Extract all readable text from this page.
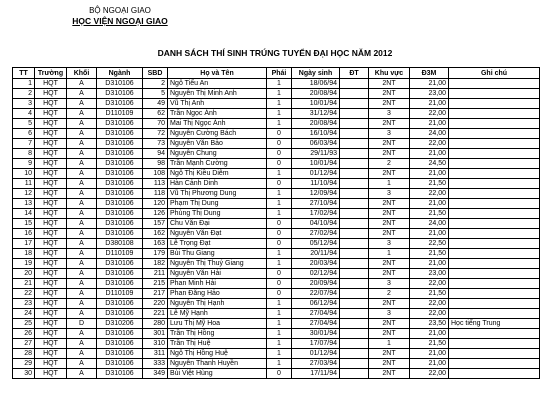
BỘ NGOẠI GIAO
HỌC VIỆN NGOẠI GIAO
DANH SÁCH THÍ SINH TRÚNG TUYỂN ĐẠI HỌC NĂM 2012
TT	Trường	Khối	Ngành	SBD	Họ và Tên	Phái	Ngày sinh	ĐT	Khu vực	Đ3M	Ghi chú
1	HQT	A	D310106	2	Ngô Tiểu An	1	18/06/94		2NT	21,00	
2	HQT	A	D310106	5	Nguyễn Thị Minh Anh	1	20/08/94		2NT	23,00	
3	HQT	A	D310106	49	Vũ Thị Anh	1	10/01/94		2NT	21,00	
4	HQT	A	D110109	62	Trần Ngọc Ánh	1	31/12/94		3	22,00	
5	HQT	A	D310106	70	Mai Thị Ngọc Ánh	1	20/08/94		2NT	21,00	
6	HQT	A	D310106	72	Nguyễn Cường Bách	0	16/10/94		3	24,00	
7	HQT	A	D310106	73	Nguyễn Văn Bảo	0	06/03/94		2NT	22,00	
8	HQT	A	D310106	94	Nguyễn Chung	0	29/11/93		2NT	21,00	
9	HQT	A	D310106	98	Trần Mạnh Cường	0	10/01/94		2	24,50	
10	HQT	A	D310106	108	Ngô Thị Kiều Diễm	1	01/12/94		2NT	21,00	
11	HQT	A	D310106	113	Hàn Cảnh Dinh	0	11/10/94		1	21,50	
12	HQT	A	D310106	118	Vũ Thị Phương Dung	1	12/09/94		3	22,00	
13	HQT	A	D310106	120	Phạm Thị Dung	1	27/10/94		2NT	21,00	
14	HQT	A	D310106	126	Phùng Thị Dung	1	17/02/94		2NT	21,50	
15	HQT	A	D310106	157	Chu Văn Đại	0	04/10/94		2NT	24,00	
16	HQT	A	D310106	162	Nguyễn Văn Đạt	0	27/02/94		2NT	21,00	
17	HQT	A	D380108	163	Lê Trọng Đạt	0	05/12/94		3	22,50	
18	HQT	A	D110109	179	Bùi Thu Giang	1	20/11/94		1	21,50	
19	HQT	A	D310106	182	Nguyễn Thị Thuý Giang	1	20/03/94		2NT	21,00	
20	HQT	A	D310106	211	Nguyễn Văn Hải	0	02/12/94		2NT	23,00	
21	HQT	A	D310106	215	Phan Minh Hải	0	20/09/94		3	22,00	
22	HQT	A	D110109	217	Phan Đăng Hảo	0	22/07/94		2	21,50	
23	HQT	A	D310106	220	Nguyễn Thị Hạnh	1	06/12/94		2NT	22,00	
24	HQT	A	D310106	221	Lê Mỹ Hạnh	1	27/04/94		3	22,00	
25	HQT	D	D310206	280	Lưu Thị Mỹ Hoa	1	27/04/94		2NT	23,50	Học tiếng Trung
26	HQT	A	D310106	301	Trần Thị Hồng	1	30/01/94		2NT	21,00	
27	HQT	A	D310106	310	Trần Thị Huệ	1	17/07/94		1	21,50	
28	HQT	A	D310106	311	Ngô Thị Hồng Huệ	1	01/12/94		2NT	21,00	
29	HQT	A	D310106	333	Nguyễn Thanh Huyền	1	27/03/94		2NT	21,00	
30	HQT	A	D310106	349	Bùi Việt Hùng	0	17/11/94		2NT	22,00	
